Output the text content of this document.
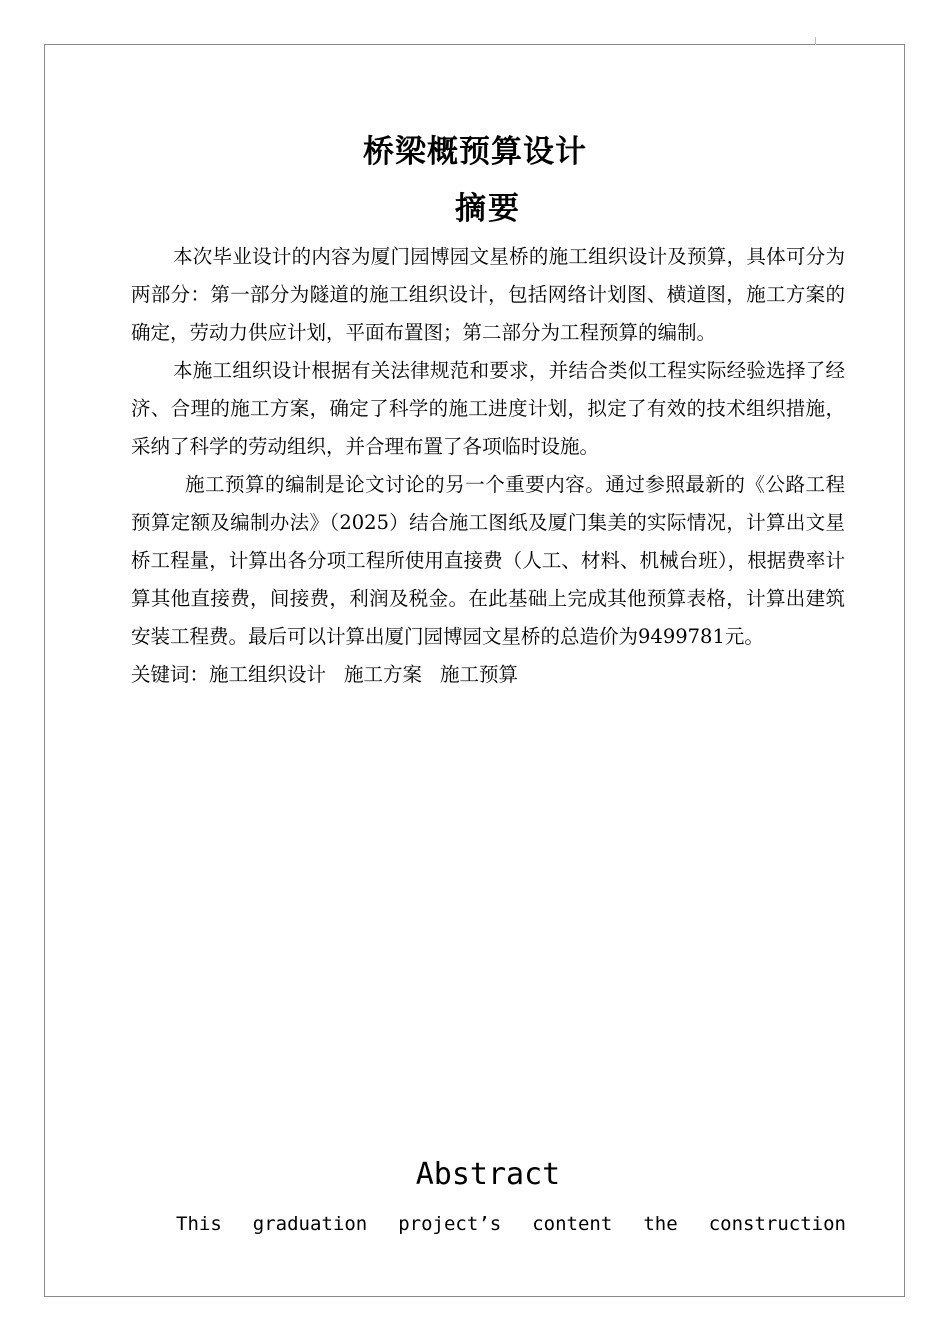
桥梁概预算设计
摘要

本次毕业设计的内容为厦门园博园文星桥的施工组织设计及预算，具体可分为两部分：第一部分为隧道的施工组织设计，包括网络计划图、横道图，施工方案的确定，劳动力供应计划，平面布置图；第二部分为工程预算的编制。

本施工组织设计根据有关法律规范和要求，并结合类似工程实际经验选择了经济、合理的施工方案，确定了科学的施工进度计划，拟定了有效的技术组织措施，采纳了科学的劳动组织，并合理布置了各项临时设施。

施工预算的编制是论文讨论的另一个重要内容。通过参照最新的《公路工程预算定额及编制办法》（2025）结合施工图纸及厦门集美的实际情况，计算出文星桥工程量，计算出各分项工程所使用直接费（人工、材料、机械台班），根据费率计算其他直接费，间接费，利润及税金。在此基础上完成其他预算表格，计算出建筑安装工程费。最后可以计算出厦门园博园文星桥的总造价为9499781元。

关键词：施工组织设计 施工方案 施工预算

Abstract
This graduation project’s content the construction
